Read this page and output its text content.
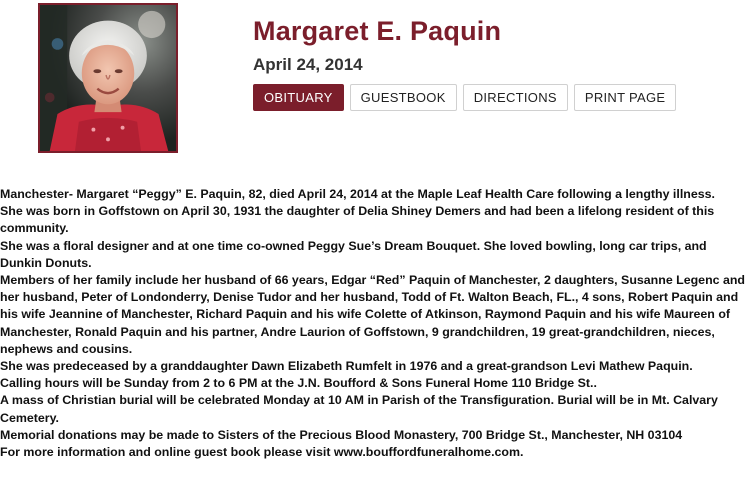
Margaret E. Paquin
April 24, 2014
OBITUARY	GUESTBOOK	DIRECTIONS	PRINT PAGE

Manchester- Margaret “Peggy” E. Paquin, 82, died April 24, 2014 at the Maple Leaf Health Care following a lengthy illness.

She was born in Goffstown on April 30, 1931 the daughter of Delia Shiney Demers and had been a lifelong resident of this community.

She was a floral designer and at one time co-owned Peggy Sue’s Dream Bouquet. She loved bowling, long car trips, and Dunkin Donuts.

Members of her family include her husband of 66 years, Edgar “Red” Paquin of Manchester, 2 daughters, Susanne Legenc and her husband, Peter of Londonderry, Denise Tudor and her husband, Todd of Ft. Walton Beach, FL., 4 sons, Robert Paquin and his wife Jeannine of Manchester, Richard Paquin and his wife Colette of Atkinson, Raymond Paquin and his wife Maureen of Manchester, Ronald Paquin and his partner, Andre Laurion of Goffstown, 9 grandchildren, 19 great-grandchildren, nieces, nephews and cousins.

She was predeceased by a granddaughter Dawn Elizabeth Rumfelt in 1976 and a great-grandson Levi Mathew Paquin.

Calling hours will be Sunday from 2 to 6 PM at the J.N. Boufford & Sons Funeral Home 110 Bridge St..

A mass of Christian burial will be celebrated Monday at 10 AM in Parish of the Transfiguration. Burial will be in Mt. Calvary Cemetery.

Memorial donations may be made to Sisters of the Precious Blood Monastery, 700 Bridge St., Manchester, NH 03104

For more information and online guest book please visit www.bouffordfuneralhome.com.
